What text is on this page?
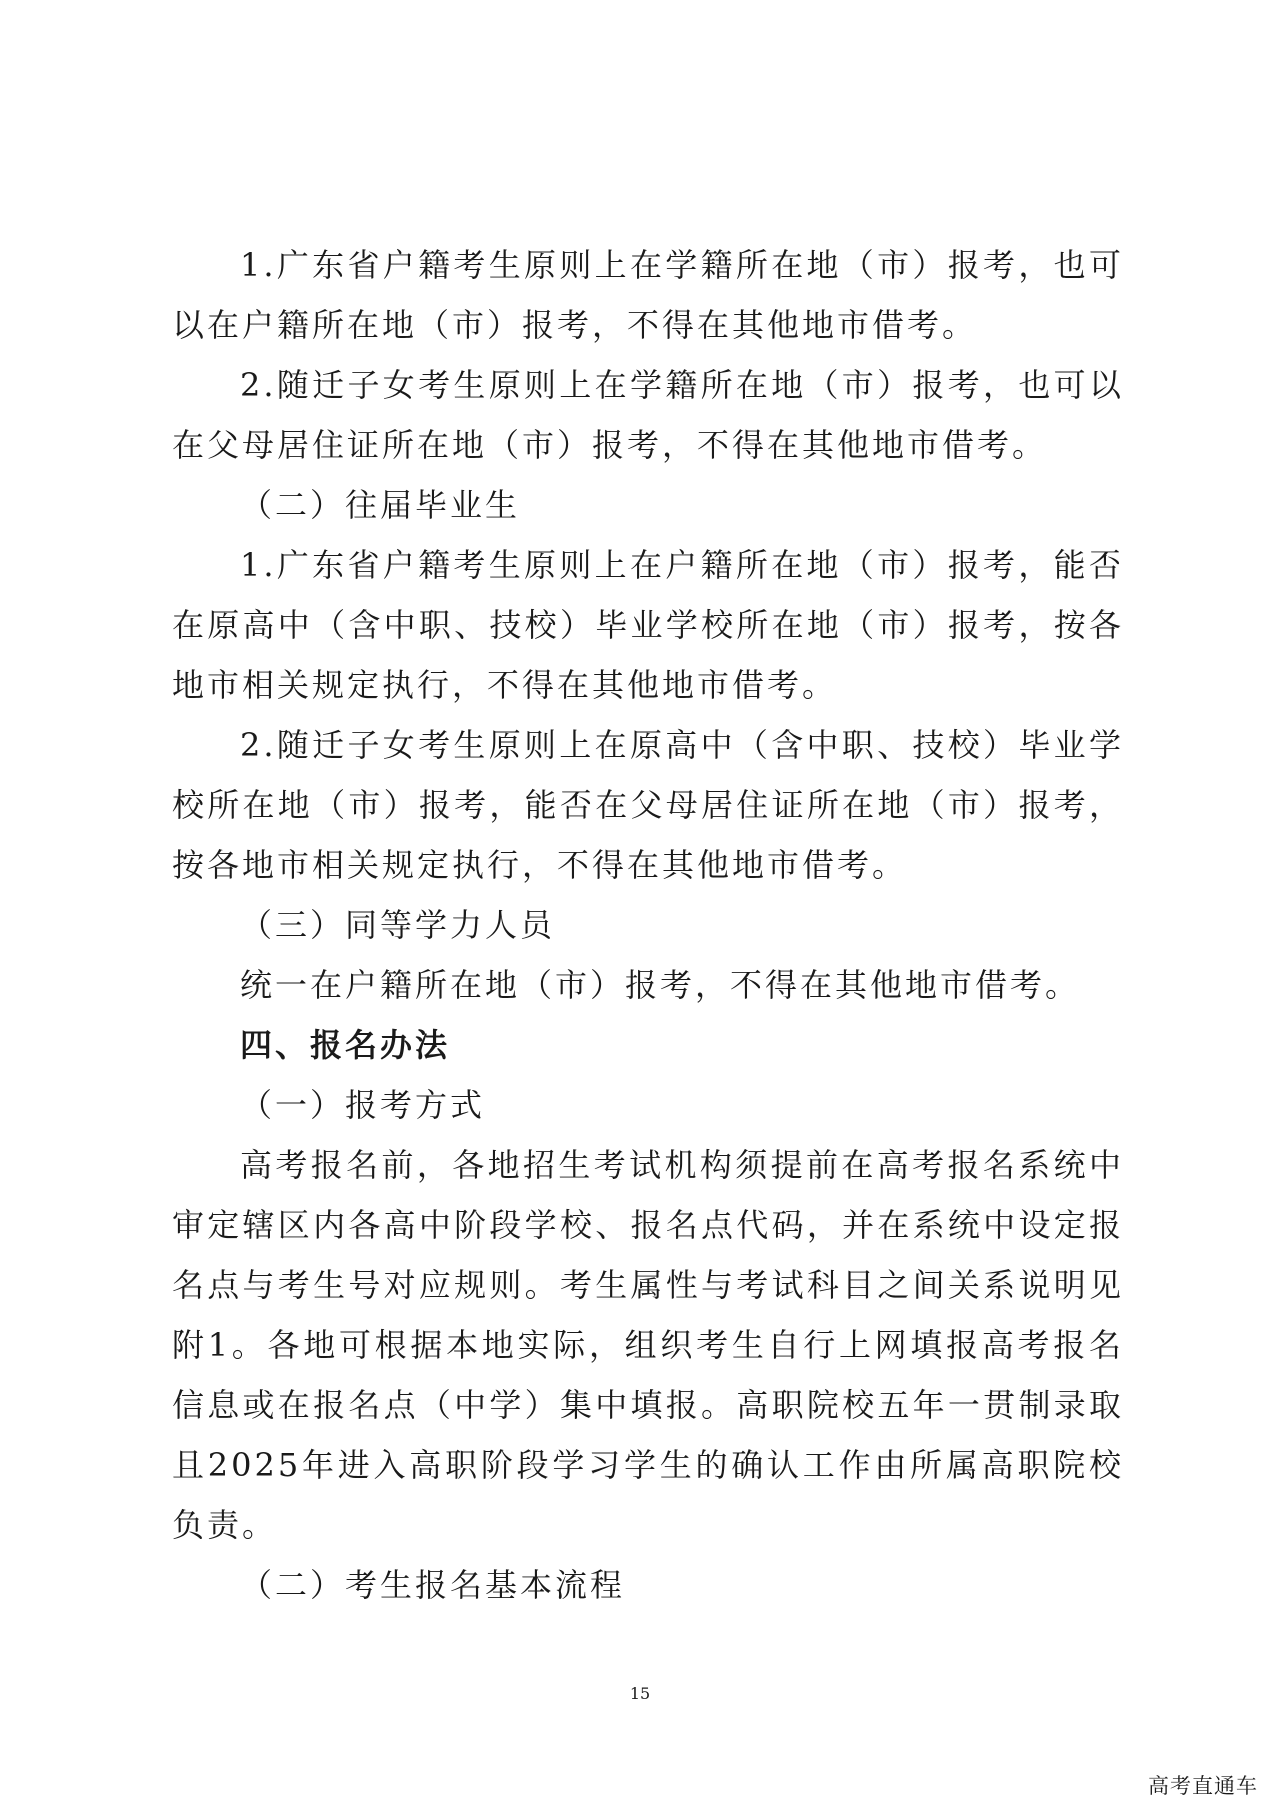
1.广东省户籍考生原则上在学籍所在地（市）报考，也可以在户籍所在地（市）报考，不得在其他地市借考。

2.随迁子女考生原则上在学籍所在地（市）报考，也可以在父母居住证所在地（市）报考，不得在其他地市借考。

（二）往届毕业生

1.广东省户籍考生原则上在户籍所在地（市）报考，能否在原高中（含中职、技校）毕业学校所在地（市）报考，按各地市相关规定执行，不得在其他地市借考。

2.随迁子女考生原则上在原高中（含中职、技校）毕业学校所在地（市）报考，能否在父母居住证所在地（市）报考，按各地市相关规定执行，不得在其他地市借考。

（三）同等学力人员

统一在户籍所在地（市）报考，不得在其他地市借考。

四、报名办法

（一）报考方式

高考报名前，各地招生考试机构须提前在高考报名系统中审定辖区内各高中阶段学校、报名点代码，并在系统中设定报名点与考生号对应规则。考生属性与考试科目之间关系说明见附1。各地可根据本地实际，组织考生自行上网填报高考报名信息或在报名点（中学）集中填报。高职院校五年一贯制录取且2025年进入高职阶段学习学生的确认工作由所属高职院校负责。

（二）考生报名基本流程

15
高考直通车
